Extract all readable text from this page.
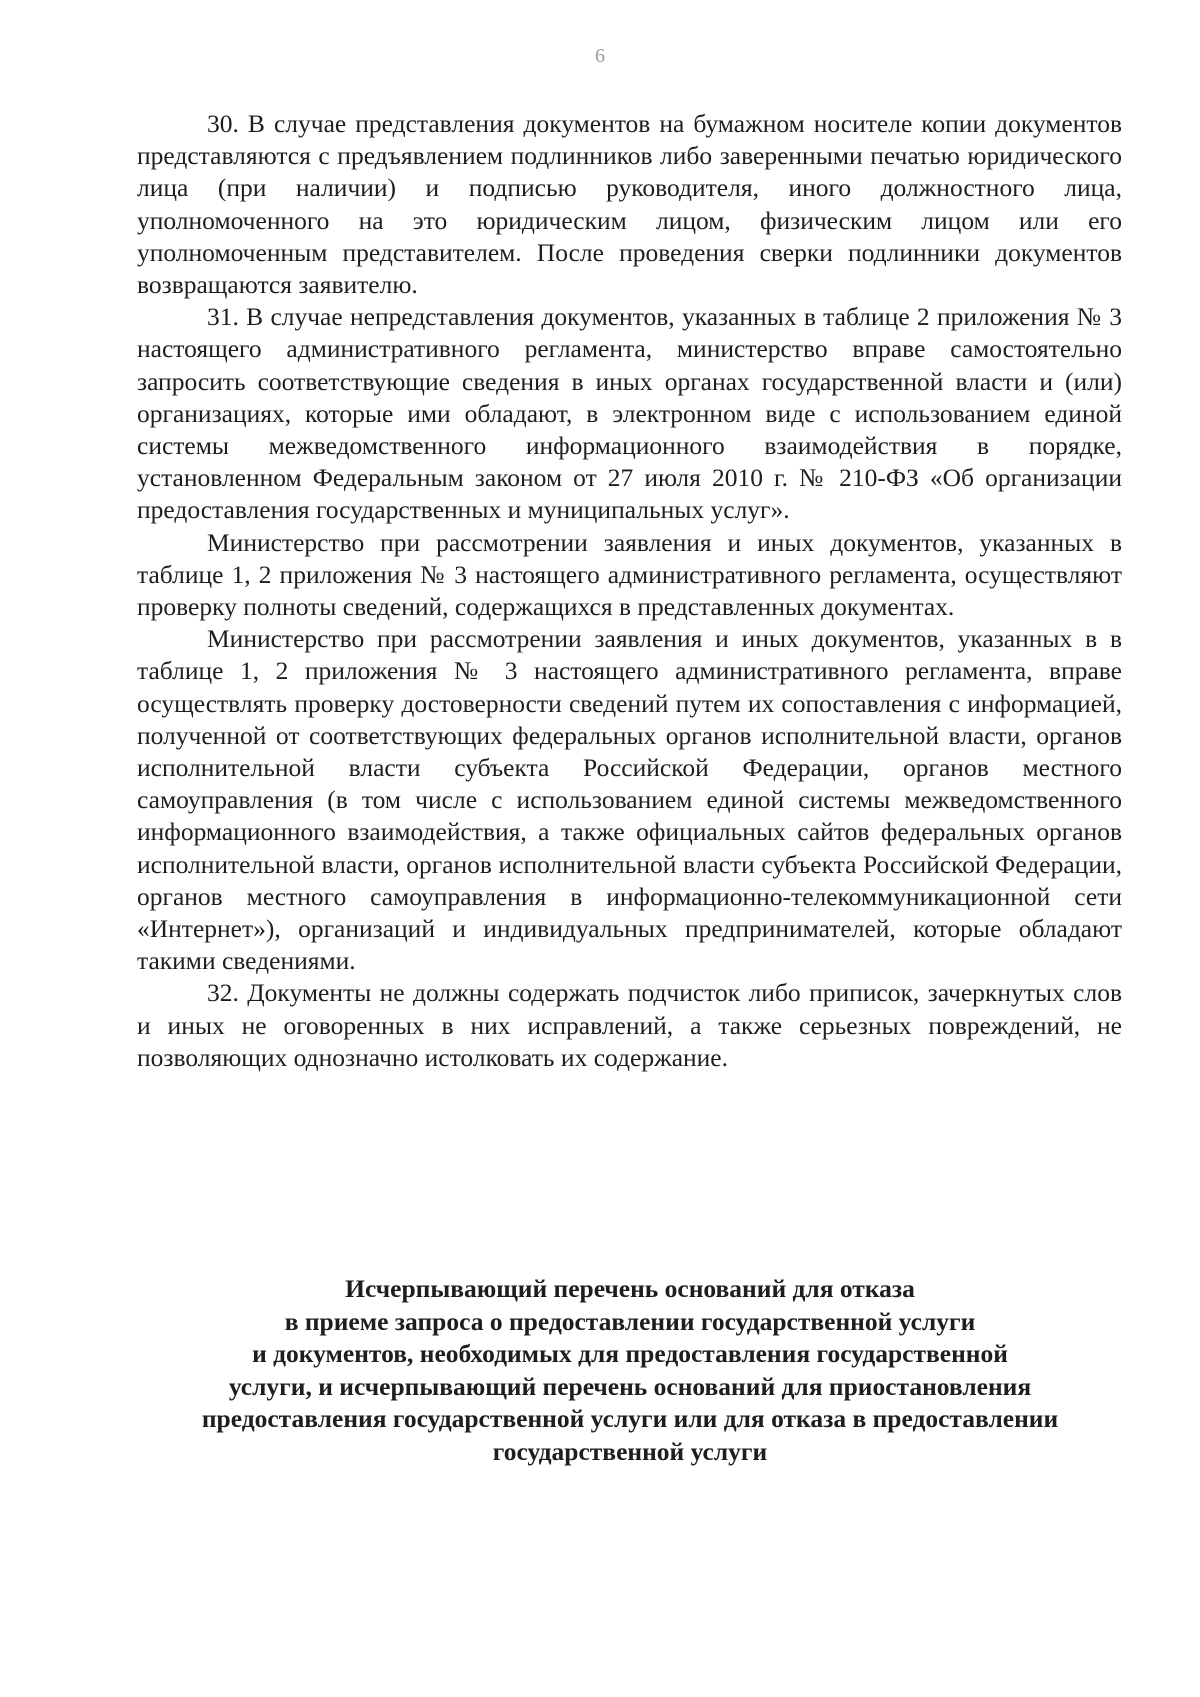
6

30. В случае представления документов на бумажном носителе копии документов представляются с предъявлением подлинников либо заверенными печатью юридического лица (при наличии) и подписью руководителя, иного должностного лица, уполномоченного на это юридическим лицом, физическим лицом или его уполномоченным представителем. После проведения сверки подлинники документов возвращаются заявителю.

31. В случае непредставления документов, указанных в таблице 2 приложения № 3 настоящего административного регламента, министерство вправе самостоятельно запросить соответствующие сведения в иных органах государственной власти и (или) организациях, которые ими обладают, в электронном виде с использованием единой системы межведомственного информационного взаимодействия в порядке, установленном Федеральным законом от 27 июля 2010 г. № 210-ФЗ «Об организации предоставления государственных и муниципальных услуг».

Министерство при рассмотрении заявления и иных документов, указанных в таблице 1, 2 приложения № 3 настоящего административного регламента, осуществляют проверку полноты сведений, содержащихся в представленных документах.

Министерство при рассмотрении заявления и иных документов, указанных в в таблице 1, 2 приложения № 3 настоящего административного регламента, вправе осуществлять проверку достоверности сведений путем их сопоставления с информацией, полученной от соответствующих федеральных органов исполнительной власти, органов исполнительной власти субъекта Российской Федерации, органов местного самоуправления (в том числе с использованием единой системы межведомственного информационного взаимодействия, а также официальных сайтов федеральных органов исполнительной власти, органов исполнительной власти субъекта Российской Федерации, органов местного самоуправления в информационно-телекоммуникационной сети «Интернет»), организаций и индивидуальных предпринимателей, которые обладают такими сведениями.

32. Документы не должны содержать подчисток либо приписок, зачеркнутых слов и иных не оговоренных в них исправлений, а также серьезных повреждений, не позволяющих однозначно истолковать их содержание.

Исчерпывающий перечень оснований для отказа
в приеме запроса о предоставлении государственной услуги
и документов, необходимых для предоставления государственной
услуги, и исчерпывающий перечень оснований для приостановления
предоставления государственной услуги или для отказа в предоставлении
государственной услуги
